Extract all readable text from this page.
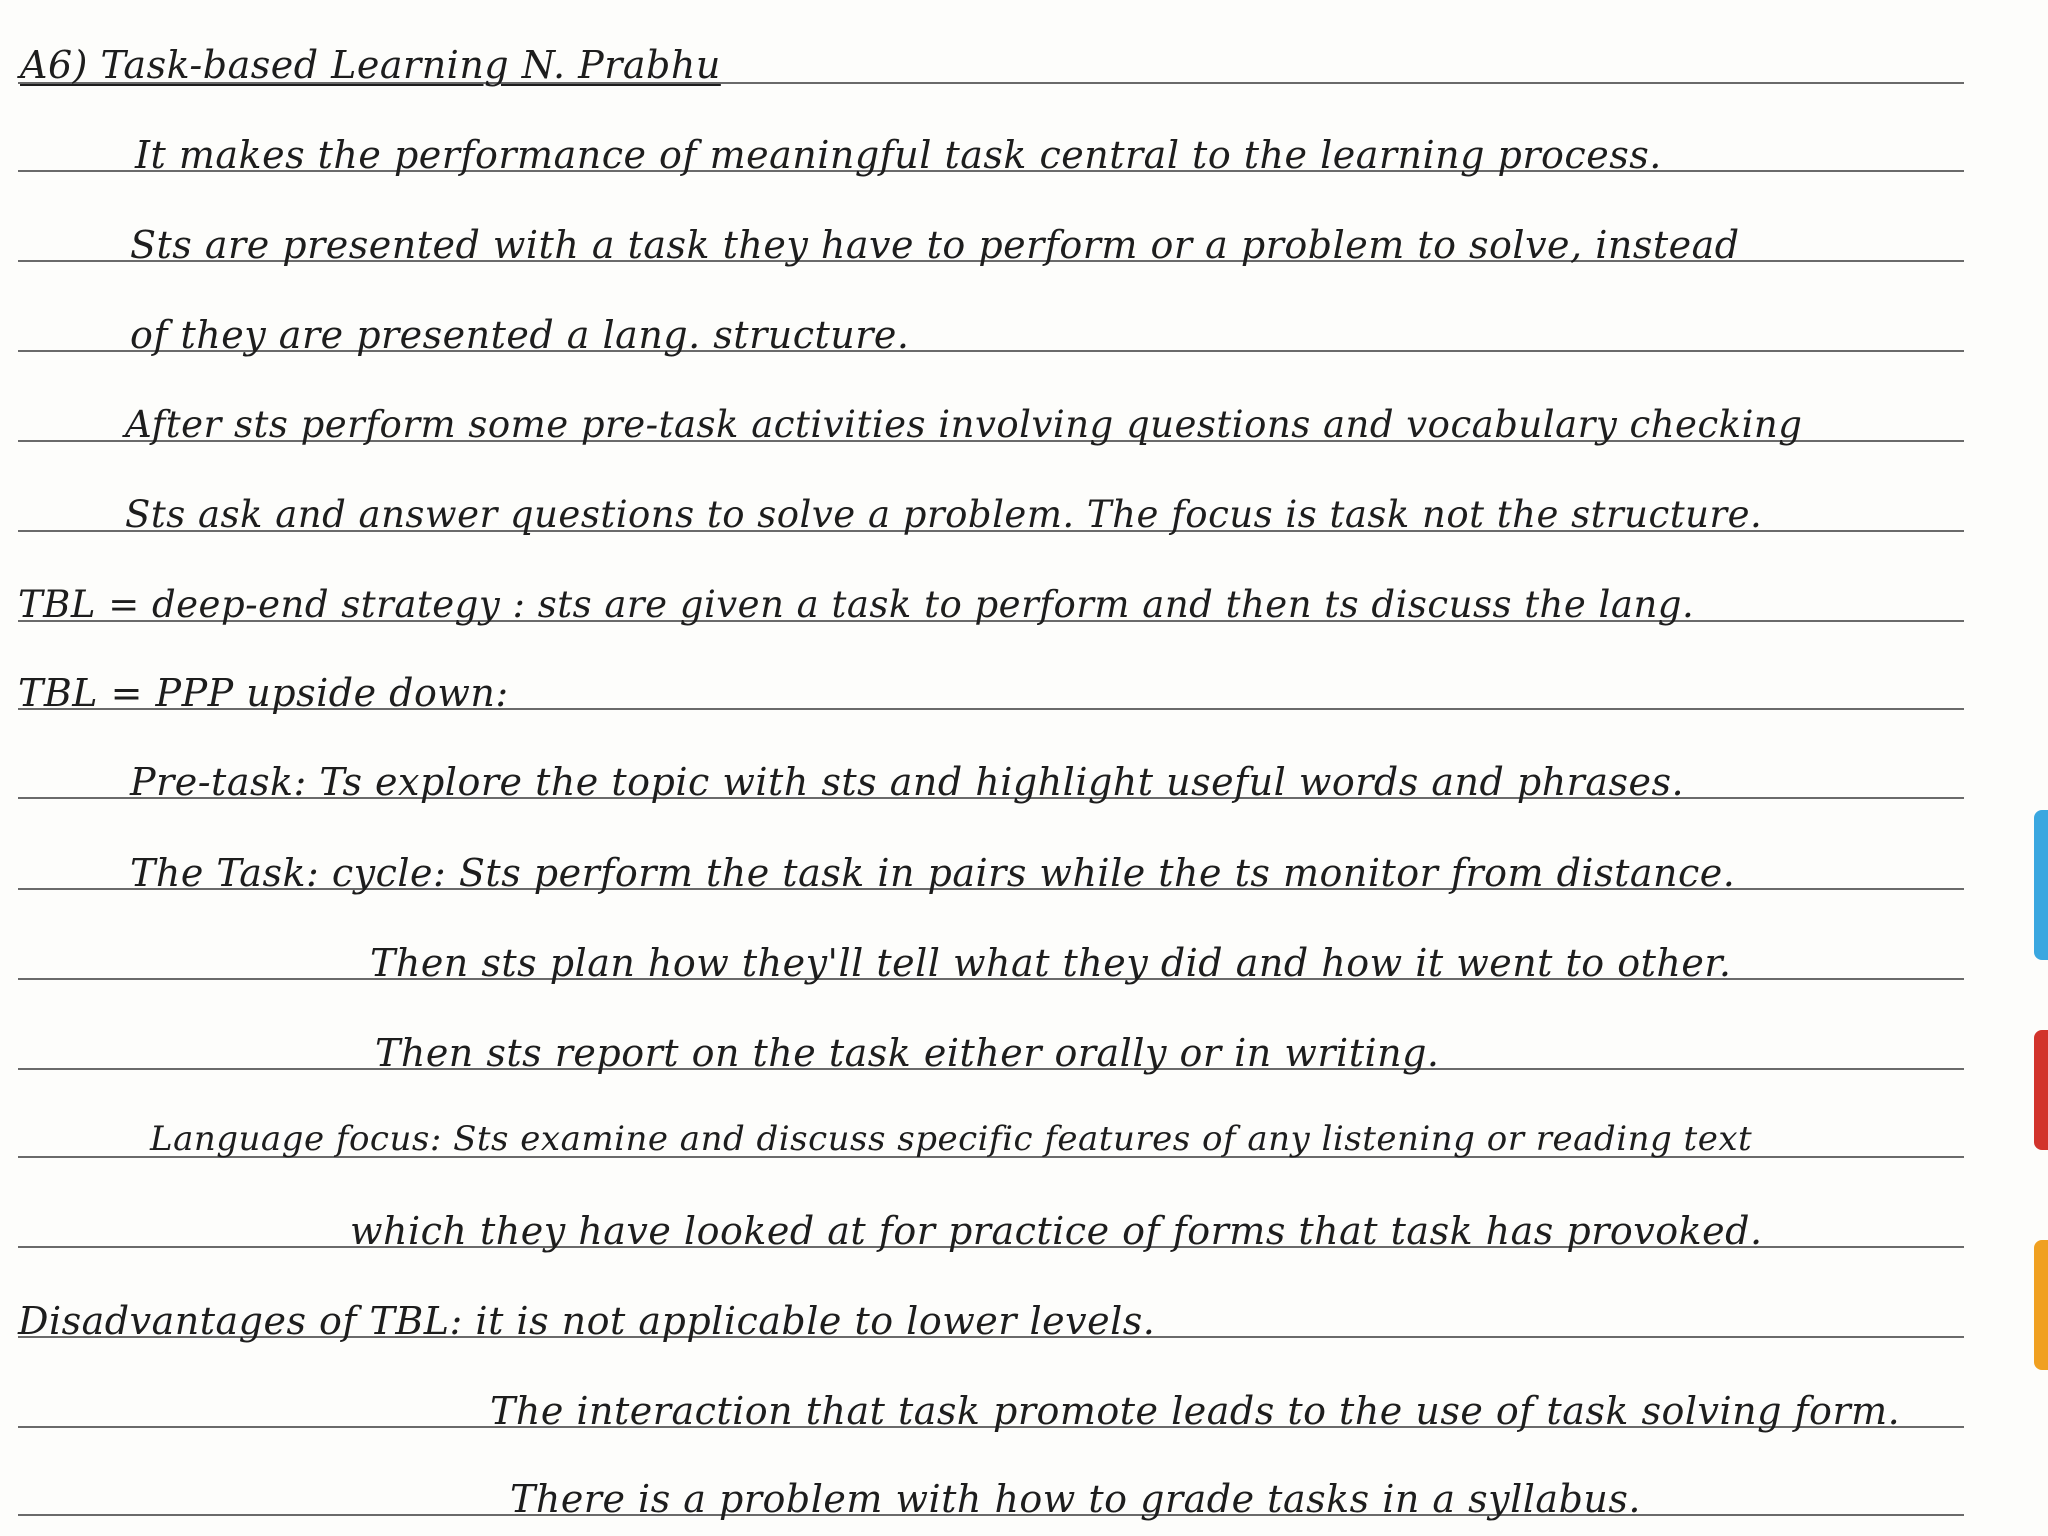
A6) Task-based Learning N. Prabhu
It makes the performance of meaningful task central to the learning process.
Sts are presented with a task they have to perform or a problem to solve, instead
of they are presented a lang. structure.
After sts perform some pre-task activities involving questions and vocabulary checking
Sts ask and answer questions to solve a problem. The focus is task not the structure.
TBL = deep-end strategy : sts are given a task to perform and then ts discuss the lang.
TBL = PPP upside down:
Pre-task: Ts explore the topic with sts and highlight useful words and phrases.
The Task: cycle: Sts perform the task in pairs while the ts monitor from distance.
Then sts plan how they'll tell what they did and how it went to other.
Then sts report on the task either orally or in writing.
Language focus: Sts examine and discuss specific features of any listening or reading text
which they have looked at for practice of forms that task has provoked.
Disadvantages of TBL: it is not applicable to lower levels.
The interaction that task promote leads to the use of task solving form.
There is a problem with how to grade tasks in a syllabus.
